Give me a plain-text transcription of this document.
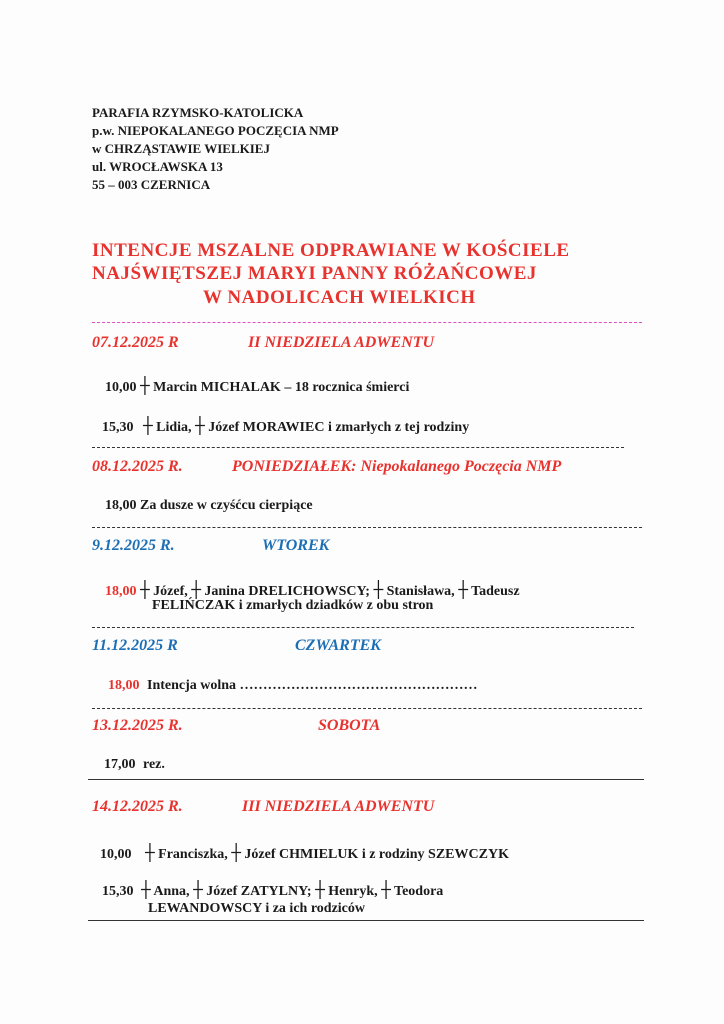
PARAFIA RZYMSKO-KATOLICKA
p.w. NIEPOKALANEGO POCZĘCIA NMP
w CHRZĄSTAWIE WIELKIEJ
ul. WROCŁAWSKA 13
55 – 003 CZERNICA
INTENCJE MSZALNE ODPRAWIANE W KOŚCIELE
NAJŚWIĘTSZEJ MARYI PANNY RÓŻAŃCOWEJ
W NADOLICACH WIELKICH
07.12.2025 R	II NIEDZIELA ADWENTU
10,00 ┼ Marcin MICHALAK – 18 rocznica śmierci
15,30 ┼ Lidia, ┼ Józef MORAWIEC i zmarłych z tej rodziny
08.12.2025 R.	PONIEDZIAŁEK: Niepokalanego Poczęcia NMP
18,00 Za dusze w czyśćcu cierpiące
9.12.2025 R.	WTOREK
18,00 ┼ Józef, ┼ Janina DRELICHOWSCY; ┼ Stanisława, ┼ Tadeusz
FELIŃCZAK i zmarłych dziadków z obu stron
11.12.2025 R	CZWARTEK
18,00 Intencja wolna ……………………………………………
13.12.2025 R.	SOBOTA
17,00 rez.
14.12.2025 R.	III NIEDZIELA ADWENTU
10,00 ┼ Franciszka, ┼ Józef CHMIELUK i z rodziny SZEWCZYK
15,30 ┼ Anna, ┼ Józef ZATYLNY; ┼ Henryk, ┼ Teodora
LEWANDOWSCY i za ich rodziców
